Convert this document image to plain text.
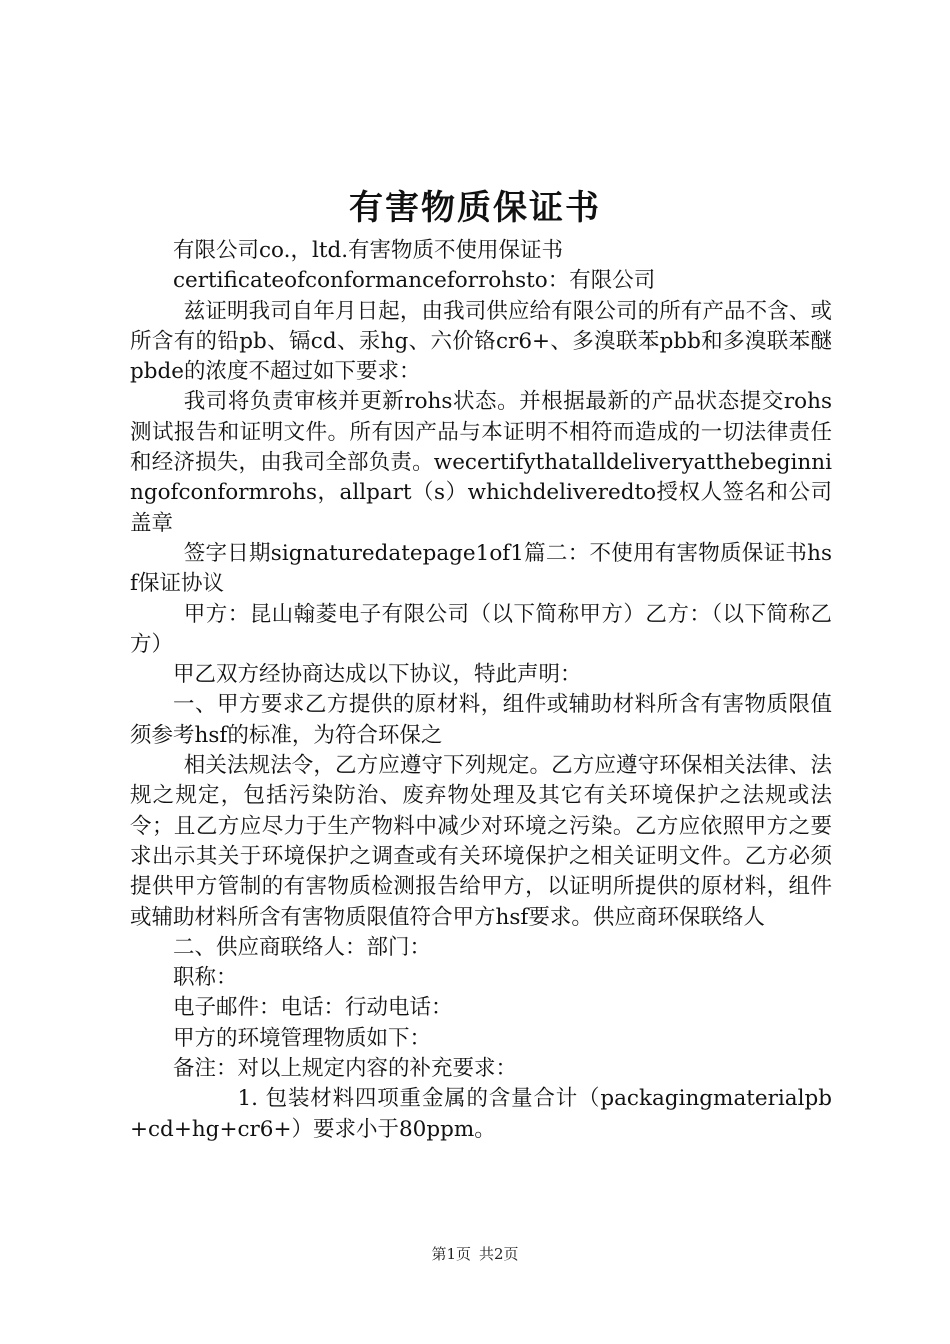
有害物质保证书

有限公司co.，ltd.有害物质不使用保证书

certificateofconformanceforrohsto：有限公司

兹证明我司自年月日起，由我司供应给有限公司的所有产品不含、或所含有的铅pb、镉cd、汞hg、六价铬cr6+、多溴联苯pbb和多溴联苯醚pbde的浓度不超过如下要求：

我司将负责审核并更新rohs状态。并根据最新的产品状态提交rohs测试报告和证明文件。所有因产品与本证明不相符而造成的一切法律责任和经济损失，由我司全部负责。wecertifythatalldeliveryatthebeginningofconformrohs，allpart（s）whichdeliveredto授权人签名和公司盖章

签字日期signaturedatepage1of1篇二：不使用有害物质保证书hsf保证协议

甲方：昆山翰菱电子有限公司（以下简称甲方）乙方：（以下简称乙方）

甲乙双方经协商达成以下协议，特此声明：

一、甲方要求乙方提供的原材料，组件或辅助材料所含有害物质限值须参考hsf的标准，为符合环保之

相关法规法令，乙方应遵守下列规定。乙方应遵守环保相关法律、法规之规定，包括污染防治、废弃物处理及其它有关环境保护之法规或法令；且乙方应尽力于生产物料中减少对环境之污染。乙方应依照甲方之要求出示其关于环境保护之调查或有关环境保护之相关证明文件。乙方必须提供甲方管制的有害物质检测报告给甲方，以证明所提供的原材料，组件或辅助材料所含有害物质限值符合甲方hsf要求。供应商环保联络人

二、供应商联络人：部门：

职称：

电子邮件：电话：行动电话：

甲方的环境管理物质如下：

备注：对以上规定内容的补充要求：

1. 包装材料四项重金属的含量合计（packagingmaterialpb+cd+hg+cr6+）要求小于80ppm。

第1页 共2页
